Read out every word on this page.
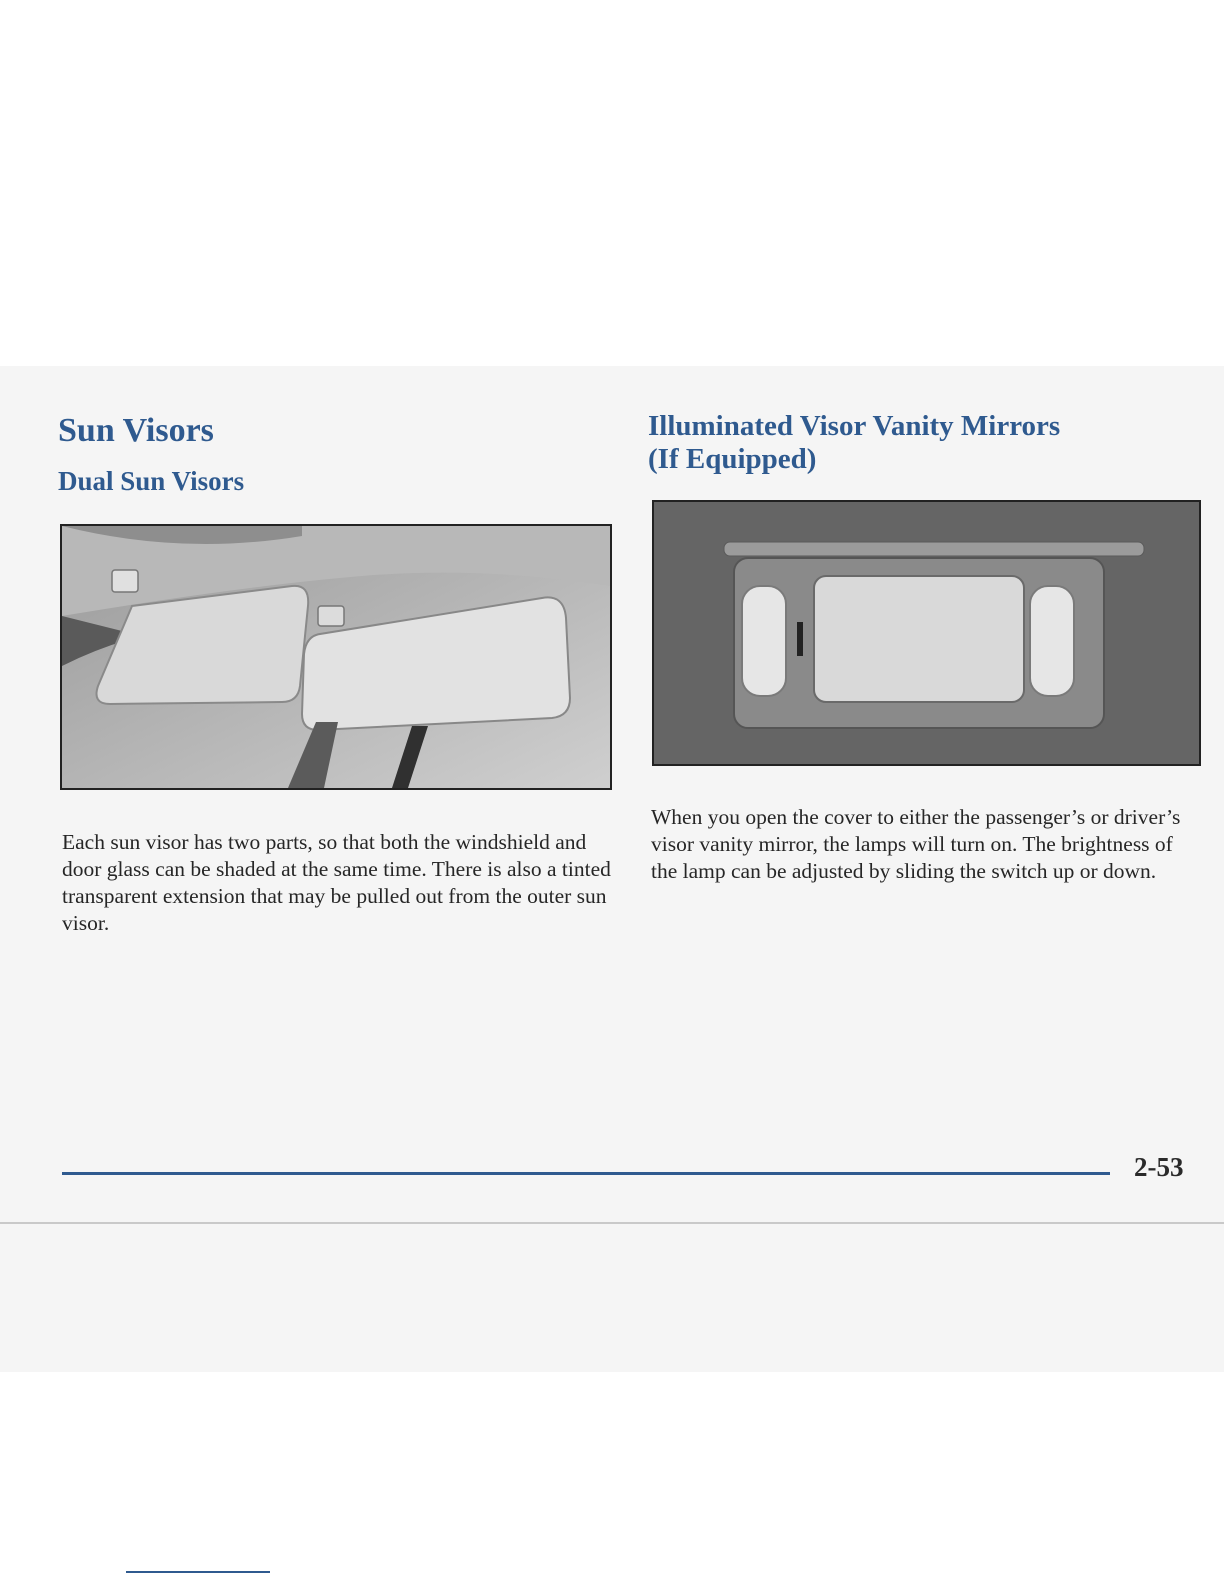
Sun Visors
Dual Sun Visors
Illuminated Visor Vanity Mirrors
(If Equipped)

Each sun visor has two parts, so that both the windshield and door glass can be shaded at the same time. There is also a tinted transparent extension that may be pulled out from the outer sun visor.

When you open the cover to either the passenger’s or driver’s visor vanity mirror, the lamps will turn on. The brightness of the lamp can be adjusted by sliding the switch up or down.

2-53
